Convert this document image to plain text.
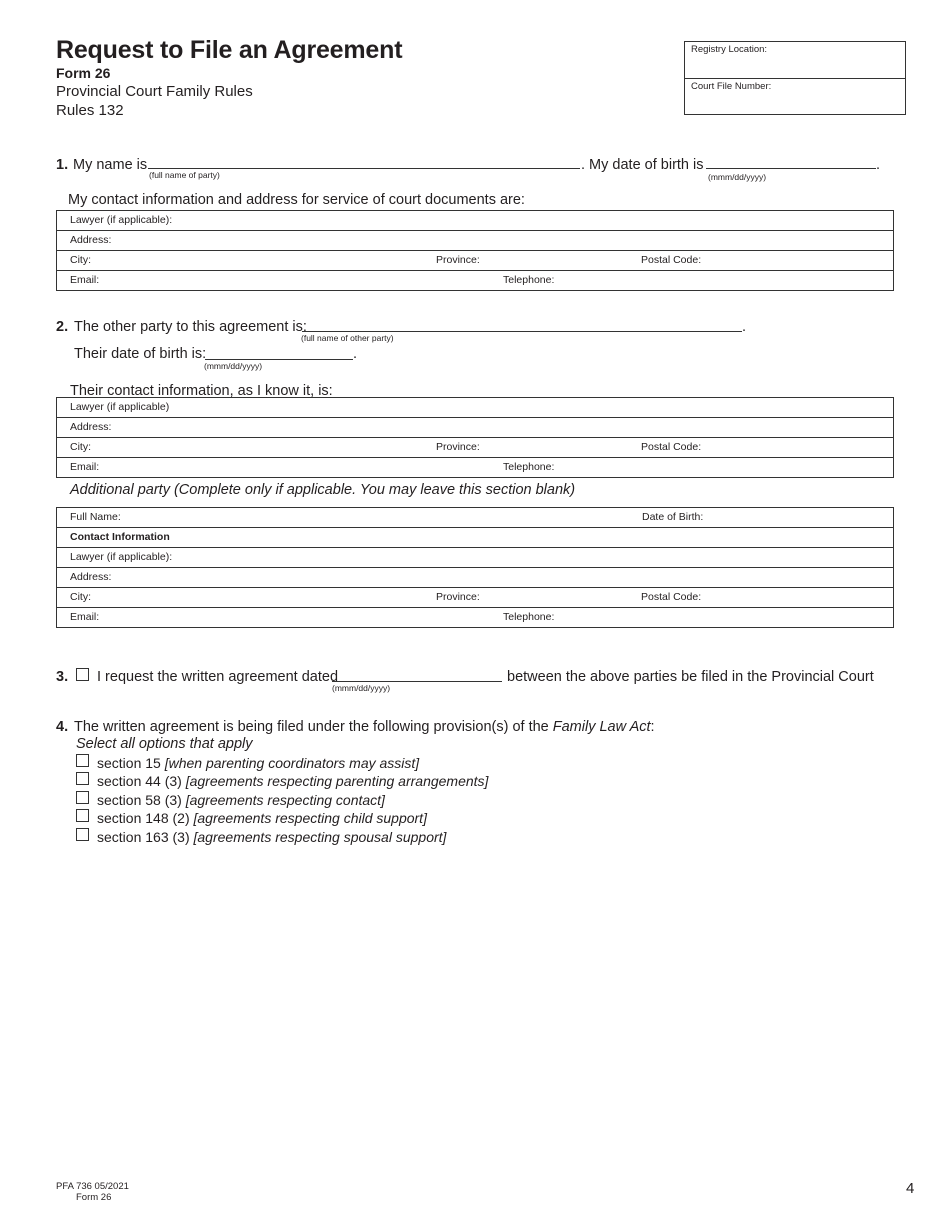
Request to File an Agreement
Form 26
Provincial Court Family Rules
Rules 132
Registry Location:
Court File Number:
1. My name is
(full name of party)
. My date of birth is	.
(mmm/dd/yyyy)
My contact information and address for service of court documents are:
Lawyer (if applicable):
Address:
City:	Province:	Postal Code:
Email:	Telephone:
2. The other party to this agreement is:	.
(full name of other party)
Their date of birth is:	.
(mmm/dd/yyyy)
Their contact information, as I know it, is:
Lawyer (if applicable)
Address:
City:	Province:	Postal Code:
Email:	Telephone:
Additional party (Complete only if applicable. You may leave this section blank)
Full Name:	Date of Birth:
Contact Information
Lawyer (if applicable):
Address:
City:	Province:	Postal Code:
Email:	Telephone:
3. I request the written agreement dated
(mmm/dd/yyyy)
between the above parties be filed in the Provincial Court
4. The written agreement is being filed under the following provision(s) of the Family Law Act:
Select all options that apply
section 15 [when parenting coordinators may assist]
section 44 (3) [agreements respecting parenting arrangements]
section 58 (3) [agreements respecting contact]
section 148 (2) [agreements respecting child support]
section 163 (3) [agreements respecting spousal support]
PFA 736 05/2021
Form 26
4
